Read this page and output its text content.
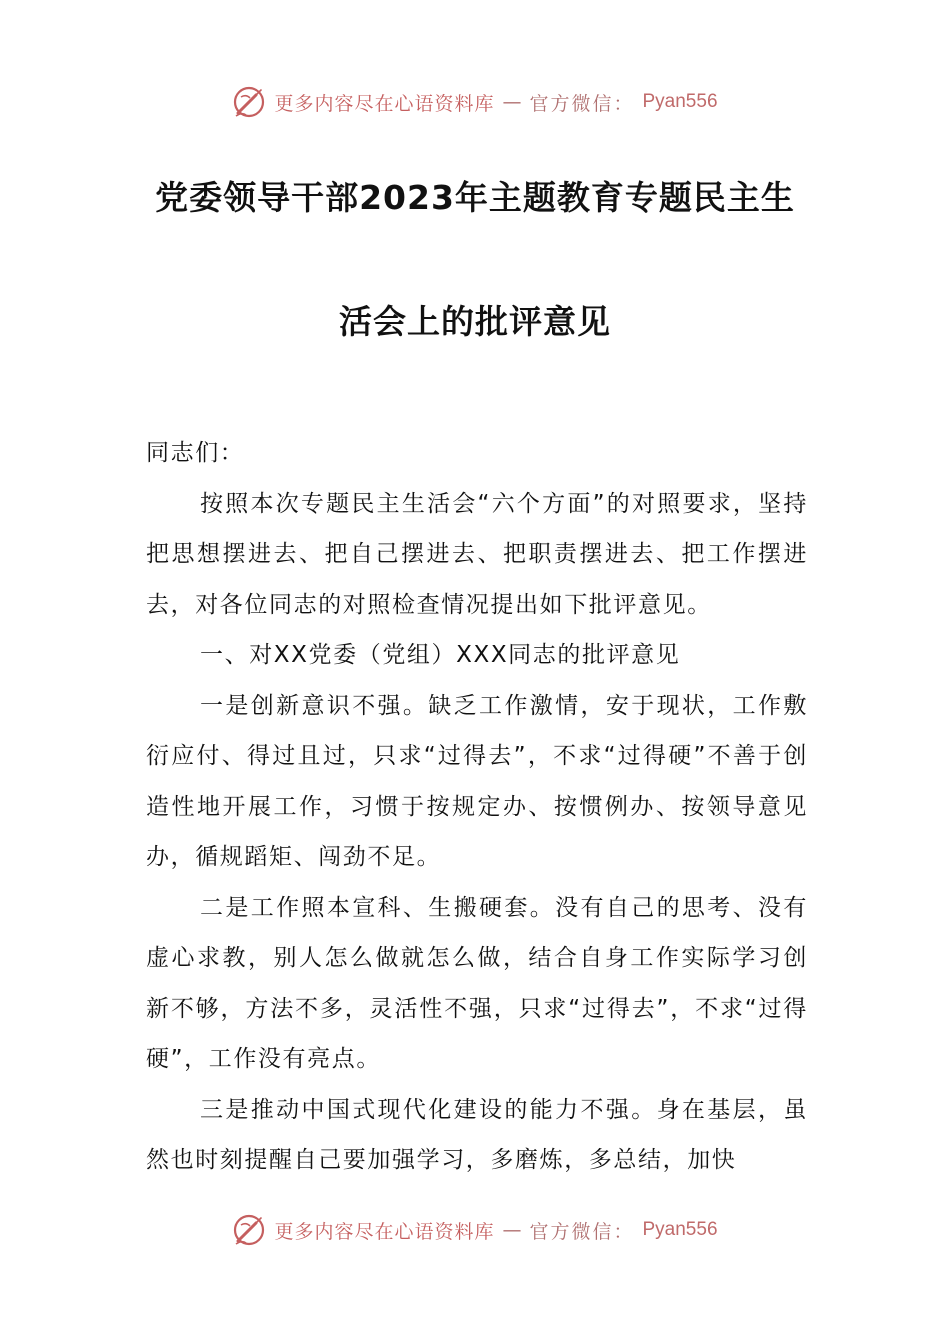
更多内容尽在心语资料库 — 官方微信： Pyan556
党委领导干部2023年主题教育专题民主生
活会上的批评意见

同志们：

按照本次专题民主生活会“六个方面”的对照要求，坚持把思想摆进去、把自己摆进去、把职责摆进去、把工作摆进去，对各位同志的对照检查情况提出如下批评意见。

一、对XX党委（党组）XXX同志的批评意见

一是创新意识不强。缺乏工作激情，安于现状，工作敷衍应付、得过且过，只求“过得去”，不求“过得硬”不善于创造性地开展工作，习惯于按规定办、按惯例办、按领导意见办，循规蹈矩、闯劲不足。

二是工作照本宣科、生搬硬套。没有自己的思考、没有虚心求教，别人怎么做就怎么做，结合自身工作实际学习创新不够，方法不多，灵活性不强，只求“过得去”，不求“过得硬”，工作没有亮点。

三是推动中国式现代化建设的能力不强。身在基层，虽然也时刻提醒自己要加强学习，多磨炼，多总结，加快

更多内容尽在心语资料库 — 官方微信： Pyan556
